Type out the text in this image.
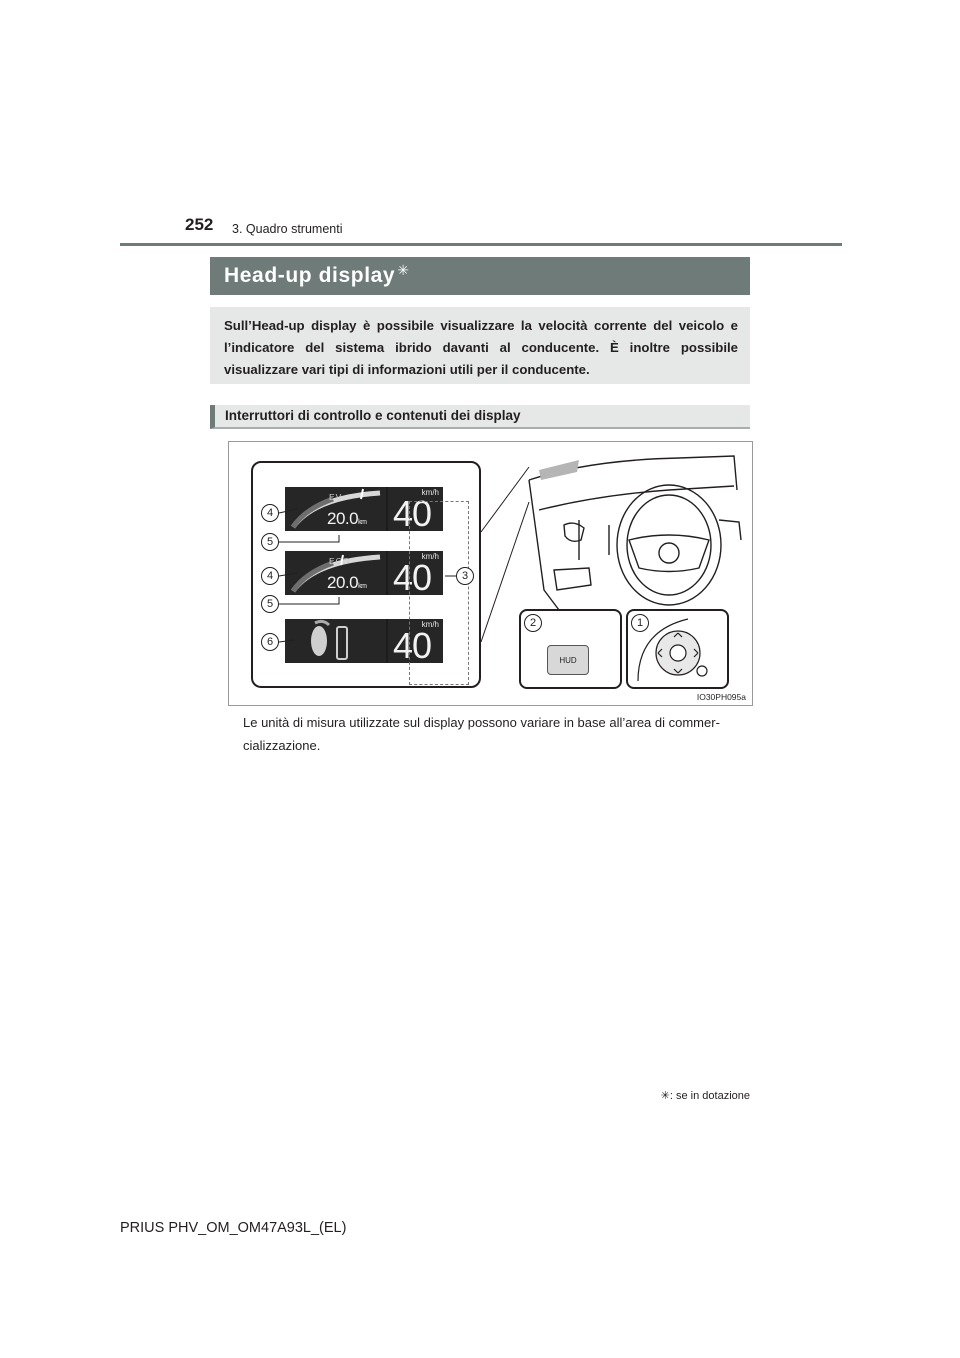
252 3. Quadro strumenti
Head-up display ✳
Sull’Head-up display è possibile visualizzare la velocità corrente del veicolo e l’indicatore del sistema ibrido davanti al conducente. È inoltre possibile visualizzare vari tipi di informazioni utili per il conducente.
Interruttori di controllo e contenuti dei display
EV
20.0km
km/h
40
ECO
20.0km
km/h
40
km/h
40
4
5
4
5
6
3
HUD
2	1
IO30PH095a
Le unità di misura utilizzate sul display possono variare in base all’area di commer-cializzazione.
✳: se in dotazione
PRIUS PHV_OM_OM47A93L_(EL)
